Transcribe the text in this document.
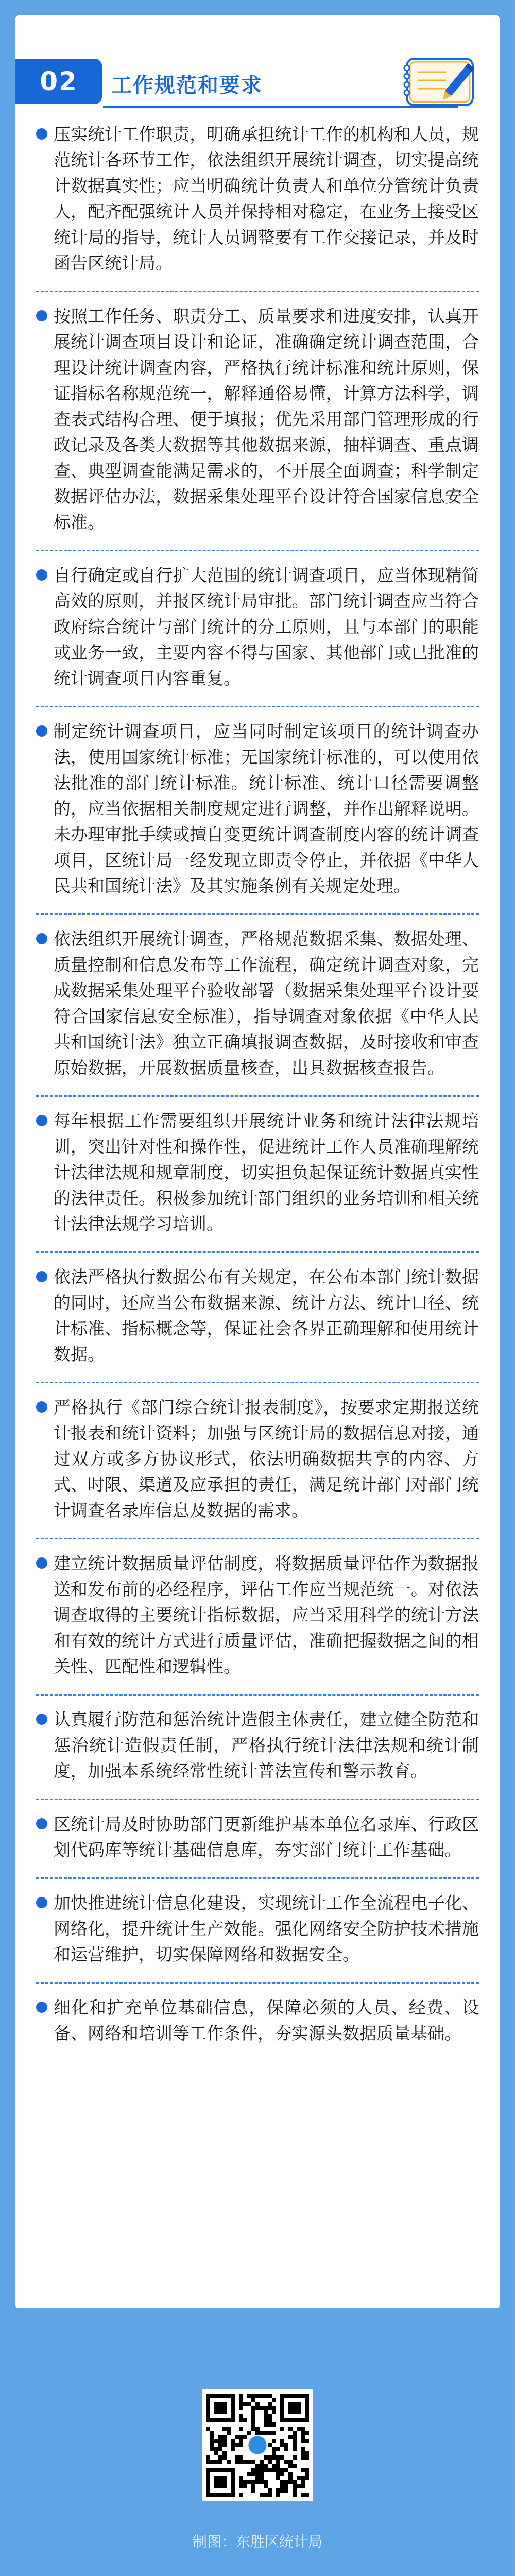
02	工作规范和要求

压实统计工作职责，明确承担统计工作的机构和人员，规范统计各环节工作，依法组织开展统计调查，切实提高统计数据真实性；应当明确统计负责人和单位分管统计负责人，配齐配强统计人员并保持相对稳定，在业务上接受区统计局的指导，统计人员调整要有工作交接记录，并及时函告区统计局。

按照工作任务、职责分工、质量要求和进度安排，认真开展统计调查项目设计和论证，准确确定统计调查范围，合理设计统计调查内容，严格执行统计标准和统计原则，保证指标名称规范统一，解释通俗易懂，计算方法科学，调查表式结构合理、便于填报；优先采用部门管理形成的行政记录及各类大数据等其他数据来源，抽样调查、重点调查、典型调查能满足需求的，不开展全面调查；科学制定数据评估办法，数据采集处理平台设计符合国家信息安全标准。

自行确定或自行扩大范围的统计调查项目，应当体现精简高效的原则，并报区统计局审批。部门统计调查应当符合政府综合统计与部门统计的分工原则，且与本部门的职能或业务一致，主要内容不得与国家、其他部门或已批准的统计调查项目内容重复。

制定统计调查项目，应当同时制定该项目的统计调查办法，使用国家统计标准；无国家统计标准的，可以使用依法批准的部门统计标准。统计标准、统计口径需要调整的，应当依据相关制度规定进行调整，并作出解释说明。未办理审批手续或擅自变更统计调查制度内容的统计调查项目，区统计局一经发现立即责令停止，并依据《中华人民共和国统计法》及其实施条例有关规定处理。

依法组织开展统计调查，严格规范数据采集、数据处理、质量控制和信息发布等工作流程，确定统计调查对象，完成数据采集处理平台验收部署（数据采集处理平台设计要符合国家信息安全标准），指导调查对象依据《中华人民共和国统计法》独立正确填报调查数据，及时接收和审查原始数据，开展数据质量核查，出具数据核查报告。

每年根据工作需要组织开展统计业务和统计法律法规培训，突出针对性和操作性，促进统计工作人员准确理解统计法律法规和规章制度，切实担负起保证统计数据真实性的法律责任。积极参加统计部门组织的业务培训和相关统计法律法规学习培训。

依法严格执行数据公布有关规定，在公布本部门统计数据的同时，还应当公布数据来源、统计方法、统计口径、统计标准、指标概念等，保证社会各界正确理解和使用统计数据。

严格执行《部门综合统计报表制度》，按要求定期报送统计报表和统计资料；加强与区统计局的数据信息对接，通过双方或多方协议形式，依法明确数据共享的内容、方式、时限、渠道及应承担的责任，满足统计部门对部门统计调查名录库信息及数据的需求。

建立统计数据质量评估制度，将数据质量评估作为数据报送和发布前的必经程序，评估工作应当规范统一。对依法调查取得的主要统计指标数据，应当采用科学的统计方法和有效的统计方式进行质量评估，准确把握数据之间的相关性、匹配性和逻辑性。

认真履行防范和惩治统计造假主体责任，建立健全防范和惩治统计造假责任制，严格执行统计法律法规和统计制度，加强本系统经常性统计普法宣传和警示教育。

区统计局及时协助部门更新维护基本单位名录库、行政区划代码库等统计基础信息库，夯实部门统计工作基础。

加快推进统计信息化建设，实现统计工作全流程电子化、网络化，提升统计生产效能。强化网络安全防护技术措施和运营维护，切实保障网络和数据安全。

细化和扩充单位基础信息，保障必须的人员、经费、设备、网络和培训等工作条件，夯实源头数据质量基础。

制图：东胜区统计局
